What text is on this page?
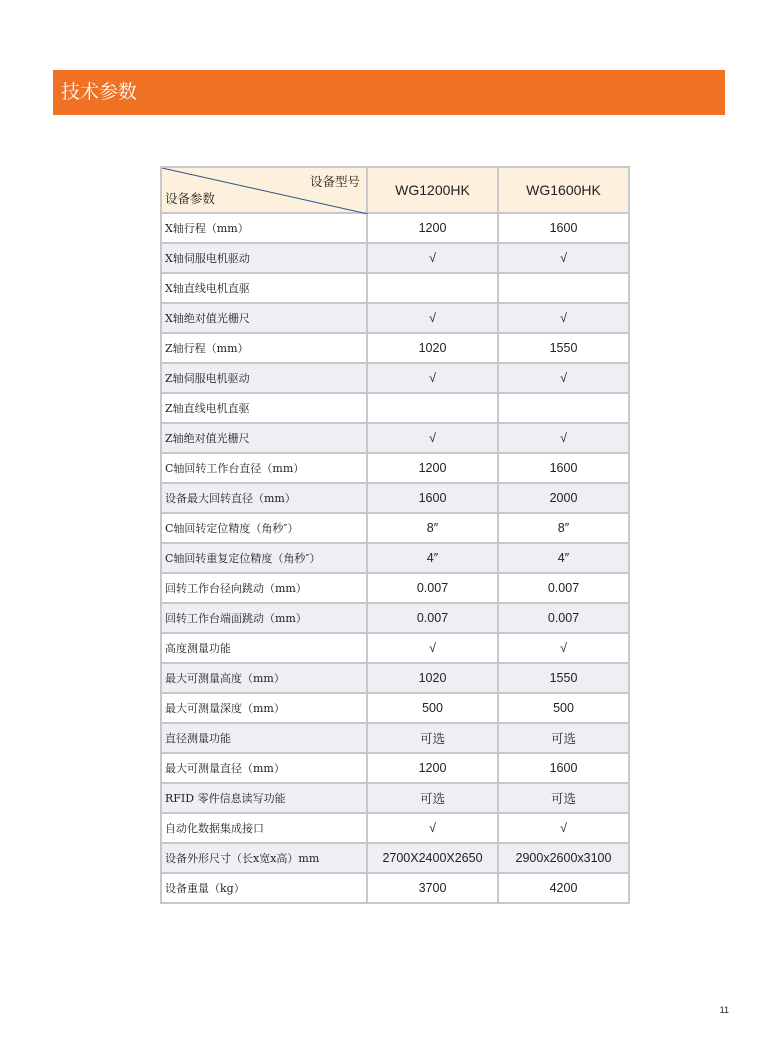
技术参数
设备型号
设备参数	WG1200HK	WG1600HK
X轴行程（mm）	1200	1600
X轴伺服电机驱动	√	√
X轴直线电机直驱		
X轴绝对值光栅尺	√	√
Z轴行程（mm）	1020	1550
Z轴伺服电机驱动	√	√
Z轴直线电机直驱		
Z轴绝对值光栅尺	√	√
C轴回转工作台直径（mm）	1200	1600
设备最大回转直径（mm）	1600	2000
C轴回转定位精度（角秒″）	8″	8″
C轴回转重复定位精度（角秒″）	4″	4″
回转工作台径向跳动（mm）	0.007	0.007
回转工作台端面跳动（mm）	0.007	0.007
高度测量功能	√	√
最大可测量高度（mm）	1020	1550
最大可测量深度（mm）	500	500
直径测量功能	可选	可选
最大可测量直径（mm）	1200	1600
RFID 零件信息读写功能	可选	可选
自动化数据集成接口	√	√
设备外形尺寸（长x宽x高）mm	2700X2400X2650	2900x2600x3100
设备重量（kg）	3700	4200
11
